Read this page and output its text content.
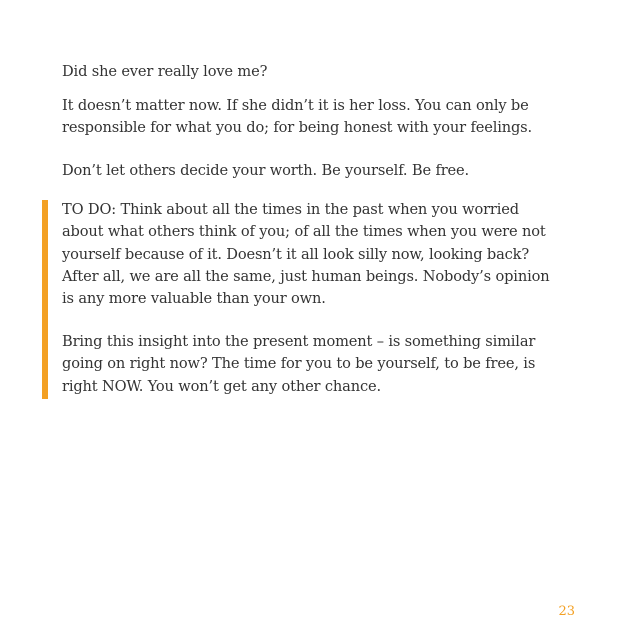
Did she ever really love me?

It doesn’t matter now. If she didn’t it is her loss. You can only be
responsible for what you do; for being honest with your feelings.

Don’t let others decide your worth. Be yourself. Be free.

TO DO: Think about all the times in the past when you worried
about what others think of you; of all the times when you were not
yourself because of it. Doesn’t it all look silly now, looking back?
After all, we are all the same, just human beings. Nobody’s opinion
is any more valuable than your own.

Bring this insight into the present moment – is something similar
going on right now? The time for you to be yourself, to be free, is
right NOW. You won’t get any other chance.

23
